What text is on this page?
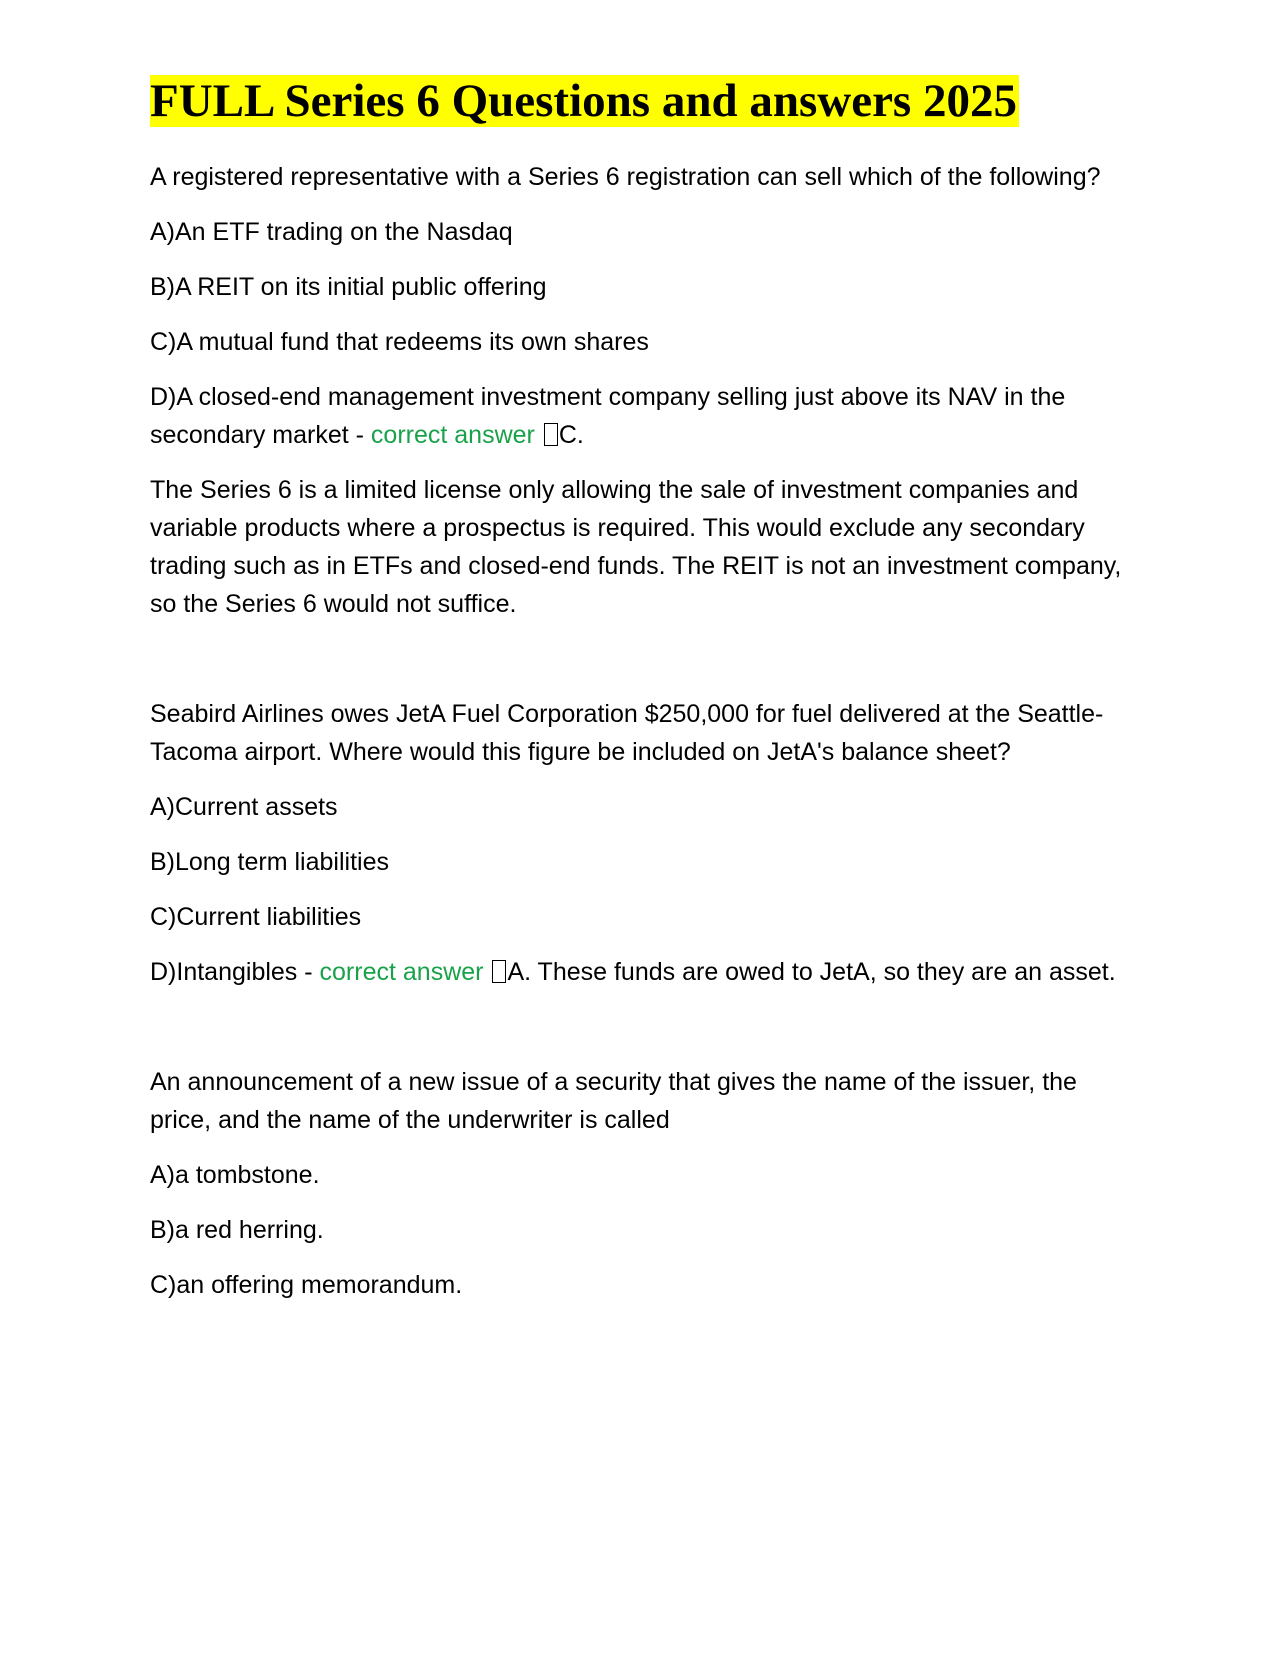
FULL Series 6 Questions and answers 2025

A registered representative with a Series 6 registration can sell which of the following?

A)An ETF trading on the Nasdaq

B)A REIT on its initial public offering

C)A mutual fund that redeems its own shares

D)A closed-end management investment company selling just above its NAV in the secondary market - correct answer C.

The Series 6 is a limited license only allowing the sale of investment companies and variable products where a prospectus is required. This would exclude any secondary trading such as in ETFs and closed-end funds. The REIT is not an investment company, so the Series 6 would not suffice.

Seabird Airlines owes JetA Fuel Corporation $250,000 for fuel delivered at the Seattle-Tacoma airport. Where would this figure be included on JetA's balance sheet?

A)Current assets

B)Long term liabilities

C)Current liabilities

D)Intangibles - correct answer A. These funds are owed to JetA, so they are an asset.

An announcement of a new issue of a security that gives the name of the issuer, the price, and the name of the underwriter is called

A)a tombstone.

B)a red herring.

C)an offering memorandum.
